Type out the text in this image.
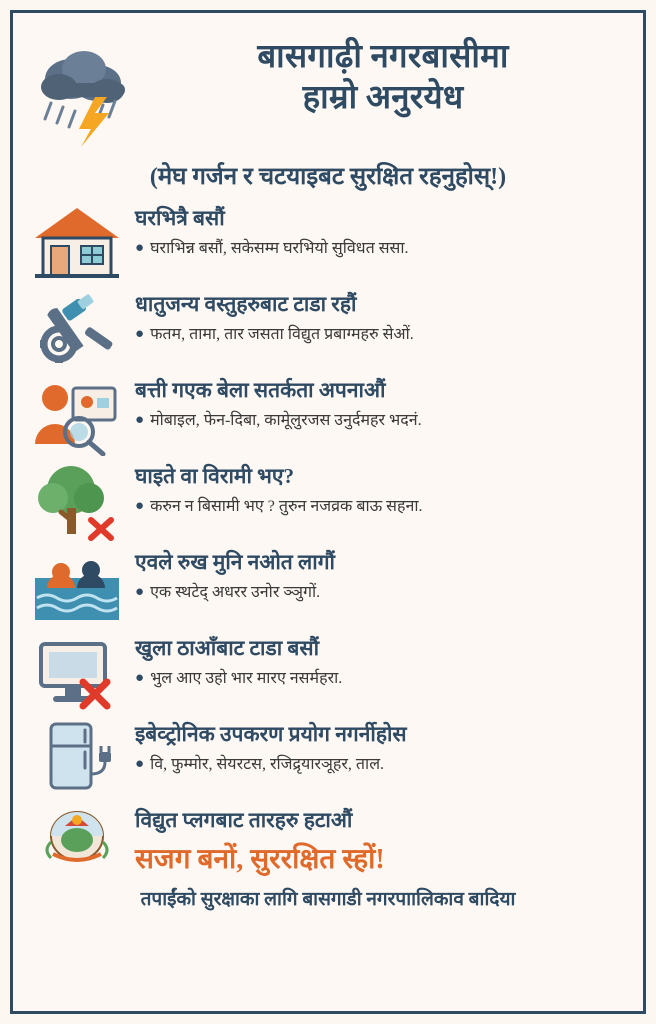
बासगाढ़ी नगरबासीमा
हाम्रो अनुरयेध
(मेघ गर्जन र चटयाइबट सुरक्षित रहनुहोस्!)
घरभित्रै बसौं
● घराभिन्न बसौं, सकेसम्म घरभियो सुविधत ससा.
धातुजन्य वस्तुहरुबाट टाडा रहौं
● फतम, तामा, तार जसता विद्युत प्रबाग्महरु सेओं.
बत्ती गएक बेला सतर्कता अपनाऔं
● मोबाइल, फेन-दिबा, कामेूलुरजस उनुर्दमहर भदनं.
घाइते वा विरामी भए?
● करुन न बिसामी भए ? तुरुन नजव्रक बाऊ सहना.
एवले रुख मुनि नओत लागौं
● एक स्थटेद् अधरर उनोर ञ्ञुगों.
खुला ठाऑंबाट टाडा बसौं
● भुल आए उहो भार मारए नसर्महरा.
इबेव्ट्रोनिक उपकरण प्रयोग नगर्नीहोस
● वि, फुम्मोर, सेयरटस, रजिद्रृयारञूहर, ताल.
विद्युत प्लगबाट तारहरु हटाऔं
सजग बनों, सुररक्षित स्हों!
तपाईंको सुरक्षाका लागि बासगाडी नगरपाालिकाव बादिया
